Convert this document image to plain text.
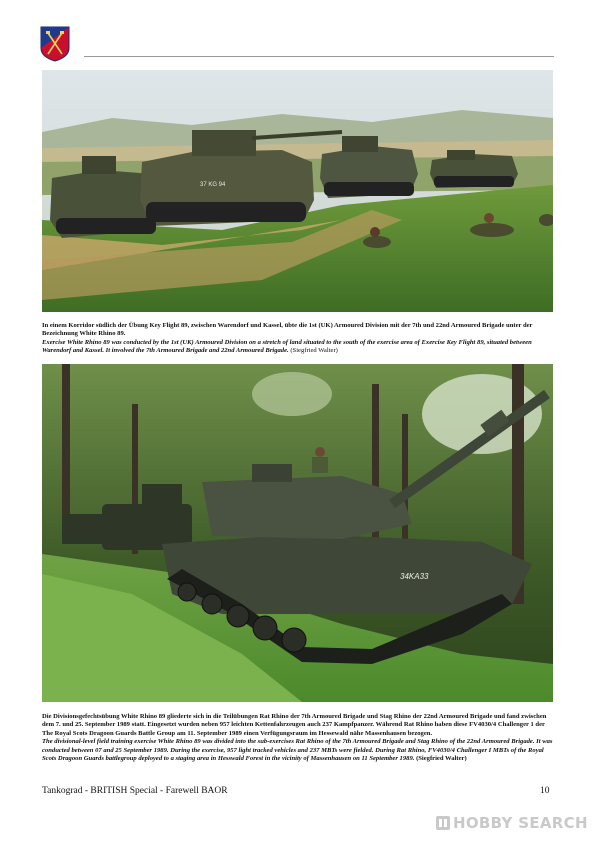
37 KG 94

In einem Korridor südlich der Übung Key Flight 89, zwischen Warendorf und Kassel, übte die 1st (UK) Armoured Division mit der 7th und 22nd Armoured Brigade unter der Bezeichnung White Rhino 89.

Exercise White Rhino 89 was conducted by the 1st (UK) Armoured Division on a stretch of land situated to the south of the exercise area of Exercise Key Flight 89, situated between Warendorf and Kassel. It involved the 7th Armoured Brigade and 22nd Armoured Brigade. (Siegfried Walter)

34KA33

Die Divisionsgefechtsübung White Rhino 89 gliederte sich in die Teilübungen Rat Rhino der 7th Armoured Brigade und Stag Rhino der 22nd Armoured Brigade und fand zwischen dem 7. und 25. September 1989 statt. Eingesetzt wurden neben 957 leichten Kettenfahrzeugen auch 237 Kampfpanzer. Während Rat Rhino haben diese FV4030/4 Challenger 1 der The Royal Scots Dragoon Guards Battle Group am 11. September 1989 einen Verfügungsraum im Hessewald nähe Massenhausen bezogen.

The divisional-level field training exercise White Rhino 89 was divided into the sub-exercises Rat Rhino of the 7th Armoured Brigade and Stag Rhino of the 22nd Armoured Brigade. It was conducted between 07 and 25 September 1989. During the exercise, 957 light tracked vehicles and 237 MBTs were fielded. During Rat Rhino, FV4030/4 Challenger I MBTs of the Royal Scots Dragoon Guards battlegroup deployed to a staging area in Hesswald Forest in the vicinity of Massenhausen on 11 September 1989. (Siegfried Walter)

Tankograd - BRITISH Special - Farewell BAOR	10
HOBBY SEARCH
